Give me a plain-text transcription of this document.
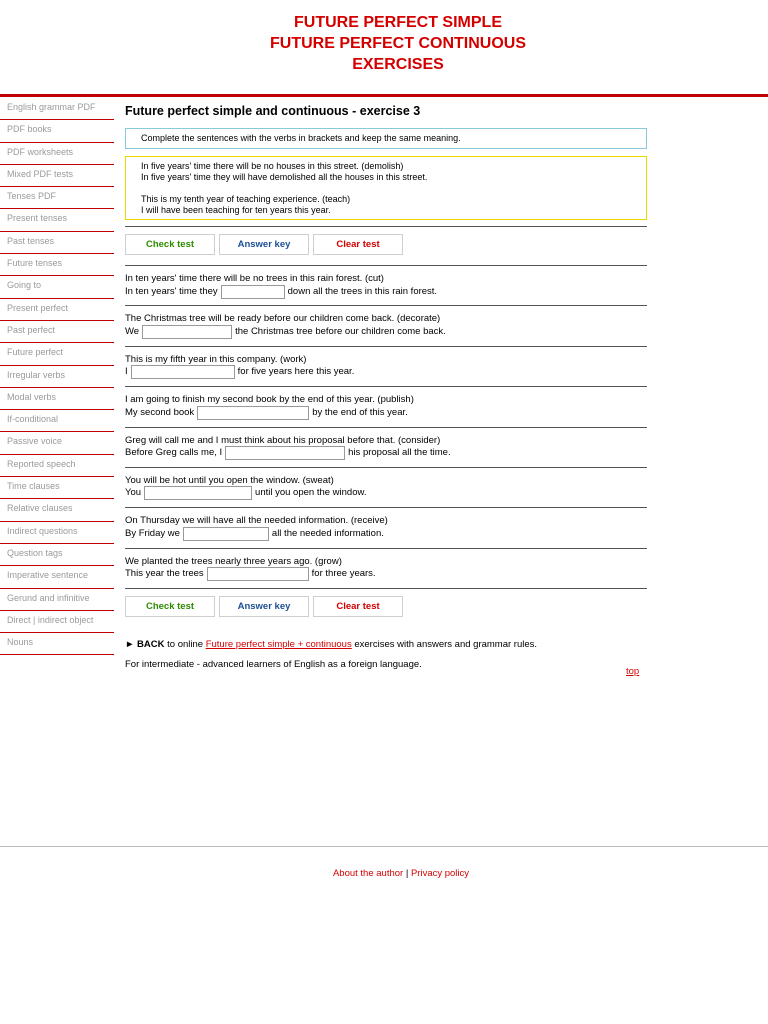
FUTURE PERFECT SIMPLE
FUTURE PERFECT CONTINUOUS
EXERCISES
English grammar PDF
PDF books
PDF worksheets
Mixed PDF tests
Tenses PDF
Present tenses
Past tenses
Future tenses
Going to
Present perfect
Past perfect
Future perfect
Irregular verbs
Modal verbs
If-conditional
Passive voice
Reported speech
Time clauses
Relative clauses
Indirect questions
Question tags
Imperative sentence
Gerund and infinitive
Direct | indirect object
Nouns
Future perfect simple and continuous - exercise 3
Complete the sentences with the verbs in brackets and keep the same meaning.
In five years' time there will be no houses in this street. (demolish)
In five years' time they will have demolished all the houses in this street.
This is my tenth year of teaching experience. (teach)
I will have been teaching for ten years this year.
Check test	Answer key	Clear test
In ten years' time there will be no trees in this rain forest. (cut)
In ten years' time they	down all the trees in this rain forest.
The Christmas tree will be ready before our children come back. (decorate)
We	the Christmas tree before our children come back.
This is my fifth year in this company. (work)
I	for five years here this year.
I am going to finish my second book by the end of this year. (publish)
My second book	by the end of this year.
Greg will call me and I must think about his proposal before that. (consider)
Before Greg calls me, I	his proposal all the time.
You will be hot until you open the window. (sweat)
You	until you open the window.
On Thursday we will have all the needed information. (receive)
By Friday we	all the needed information.
We planted the trees nearly three years ago. (grow)
This year the trees	for three years.
Check test	Answer key	Clear test
► BACK to online Future perfect simple + continuous exercises with answers and grammar rules.
For intermediate - advanced learners of English as a foreign language.
top
About the author | Privacy policy
